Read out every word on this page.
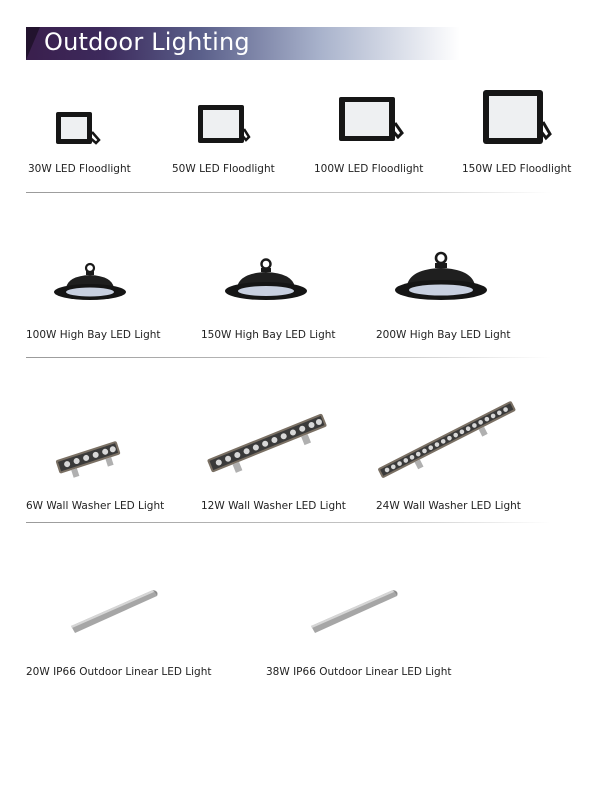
Outdoor Lighting
30W LED Floodlight	50W LED Floodlight	100W LED Floodlight	150W LED Floodlight
100W High Bay LED Light	150W High Bay LED Light	200W High Bay LED Light
6W Wall Washer LED Light	12W Wall Washer LED Light	24W Wall Washer LED Light
20W IP66 Outdoor Linear LED Light	38W IP66 Outdoor Linear LED Light
